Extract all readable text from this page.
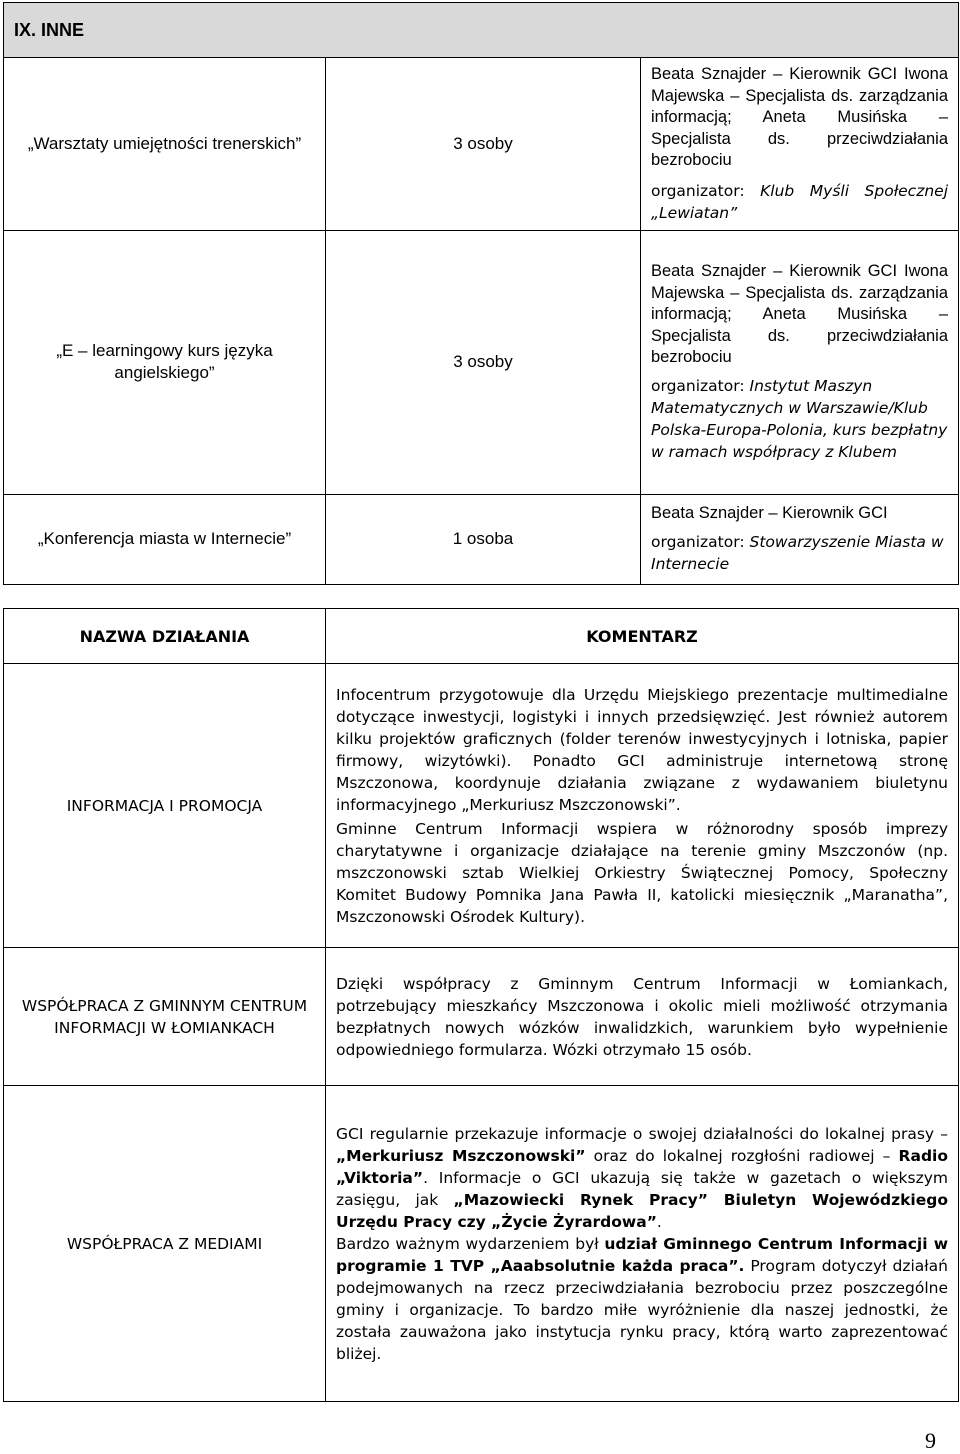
IX. INNE		
„Warsztaty umiejętności trenerskich”	3 osoby	Beata Sznajder – Kierownik GCI Iwona Majewska – Specjalista ds. zarządzania informacją; Aneta Musińska – Specjalista ds. przeciwdziałania bezrobociu
organizator: Klub Myśli Społecznej „Lewiatan”

„E – learningowy kurs języka angielskiego”	3 osoby	Beata Sznajder – Kierownik GCI Iwona Majewska – Specjalista ds. zarządzania informacją; Aneta Musińska – Specjalista ds. przeciwdziałania bezrobociu
organizator: Instytut Maszyn Matematycznych w Warszawie/Klub Polska-Europa-Polonia, kurs bezpłatny w ramach współpracy z Klubem

„Konferencja miasta w Internecie”	1 osoba	Beata Sznajder – Kierownik GCI
organizator: Stowarzyszenie Miasta w Internecie
NAZWA DZIAŁANIA	KOMENTARZ
INFORMACJA I PROMOCJA	Infocentrum przygotowuje dla Urzędu Miejskiego prezentacje multimedialne dotyczące inwestycji, logistyki i innych przedsięwzięć. Jest również autorem kilku projektów graficznych (folder terenów inwestycyjnych i lotniska, papier firmowy, wizytówki). Ponadto GCI administruje internetową stronę Mszczonowa, koordynuje działania związane z wydawaniem biuletynu informacyjnego „Merkuriusz Mszczonowski”.
Gminne Centrum Informacji wspiera w różnorodny sposób imprezy charytatywne i organizacje działające na terenie gminy Mszczonów (np. mszczonowski sztab Wielkiej Orkiestry Świątecznej Pomocy, Społeczny Komitet Budowy Pomnika Jana Pawła II, katolicki miesięcznik „Maranatha”, Mszczonowski Ośrodek Kultury).

WSPÓŁPRACA Z GMINNYM CENTRUM INFORMACJI W ŁOMIANKACH	Dzięki współpracy z Gminnym Centrum Informacji w Łomiankach, potrzebujący mieszkańcy Mszczonowa i okolic mieli możliwość otrzymania bezpłatnych nowych wózków inwalidzkich, warunkiem było wypełnienie odpowiedniego formularza. Wózki otrzymało 15 osób.
WSPÓŁPRACA Z MEDIAMI	GCI regularnie przekazuje informacje o swojej działalności do lokalnej prasy – „Merkuriusz Mszczonowski” oraz do lokalnej rozgłośni radiowej – Radio „Viktoria”. Informacje o GCI ukazują się także w gazetach o większym zasięgu, jak „Mazowiecki Rynek Pracy” Biuletyn Wojewódzkiego Urzędu Pracy czy „Życie Żyrardowa”.
Bardzo ważnym wydarzeniem był udział Gminnego Centrum Informacji w programie 1 TVP „Aaabsolutnie każda praca”. Program dotyczył działań podejmowanych na rzecz przeciwdziałania bezrobociu przez poszczególne gminy i organizacje. To bardzo miłe wyróżnienie dla naszej jednostki, że została zauważona jako instytucja rynku pracy, którą warto zaprezentować bliżej.
9
